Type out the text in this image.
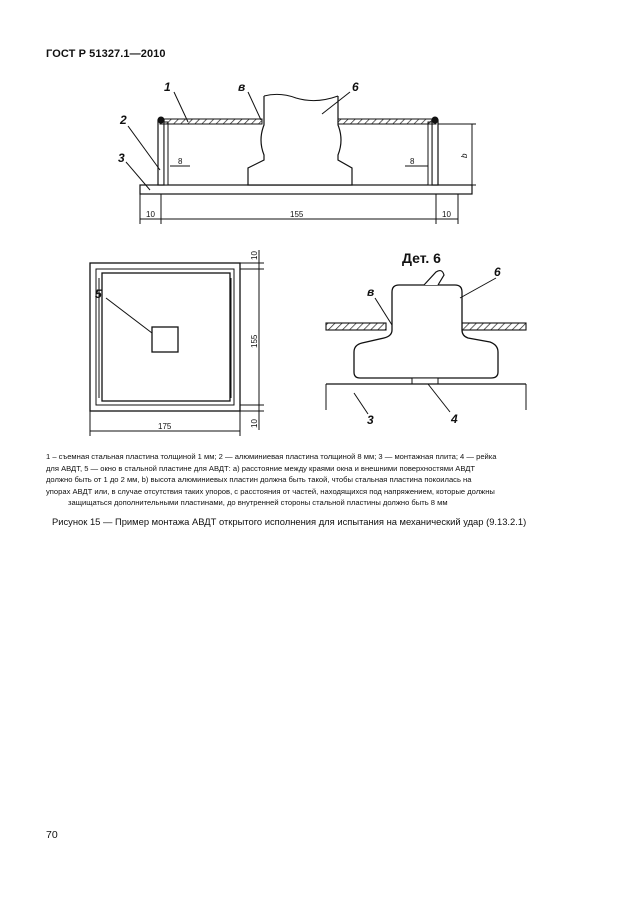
ГОСТ Р 51327.1—2010
1
2
3
6
в
8	8
b
10	155	10
5
175
155
10
10
Дет. 6
в
6
3	4
1 – съемная стальная пластина толщиной 1 мм; 2 — алюминиевая пластина толщиной 8 мм; 3 — монтажная плита; 4 — рейка
для АВДТ, 5 — окно в стальной пластине для АВДТ: а) расстояние между краями окна и внешними поверхностями АВДТ
должно быть от 1 до 2 мм, b) высота алюминиевых пластин должна быть такой, чтобы стальная пластина покоилась на
упорах АВДТ или, в случае отсутствия таких упоров, с расстояния от частей, находящихся под напряжением, которые должны
защищаться дополнительными пластинами, до внутренней стороны стальной пластины должно быть 8 мм
Рисунок 15 — Пример монтажа АВДТ открытого исполнения для испытания на механический удар (9.13.2.1)
70
